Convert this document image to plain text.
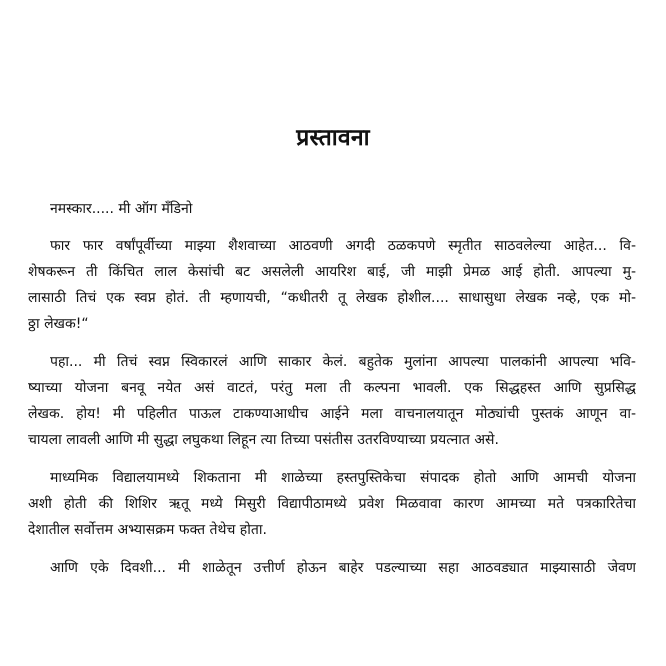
प्रस्तावना
नमस्कार..... मी ऑग मँडिनो
फार फार वर्षांपूर्वीच्या माझ्या शैशवाच्या आठवणी अगदी ठळकपणे स्मृतीत साठवलेल्या आहेत... वि-
शेषकरून ती किंचित लाल केसांची बट असलेली आयरिश बाई, जी माझी प्रेमळ आई होती. आपल्या मु-
लासाठी तिचं एक स्वप्न होतं. ती म्हणायची, “कधीतरी तू लेखक होशील.... साधासुधा लेखक नव्हे, एक मो-
ठ्ठा लेखक!“
पहा... मी तिचं स्वप्न स्विकारलं आणि साकार केलं. बहुतेक मुलांना आपल्या पालकांनी आपल्या भवि-
ष्याच्या योजना बनवू नयेत असं वाटतं, परंतु मला ती कल्पना भावली. एक सिद्धहस्त आणि सुप्रसिद्ध
लेखक. होय! मी पहिलीत पाऊल टाकण्याआधीच आईने मला वाचनालयातून मोठ्यांची पुस्तकं आणून वा-
चायला लावली आणि मी सुद्धा लघुकथा लिहून त्या तिच्या पसंतीस उतरविण्याच्या प्रयत्नात असे.
माध्यमिक विद्यालयामध्ये शिकताना मी शाळेच्या हस्तपुस्तिकेचा संपादक होतो आणि आमची योजना
अशी होती की शिशिर ऋतू मध्ये मिसुरी विद्यापीठामध्ये प्रवेश मिळवावा कारण आमच्या मते पत्रकारितेचा
देशातील सर्वोत्तम अभ्यासक्रम फक्त तेथेच होता.
आणि एके दिवशी... मी शाळेतून उत्तीर्ण होऊन बाहेर पडल्याच्या सहा आठवड्यात माझ्यासाठी जेवण
